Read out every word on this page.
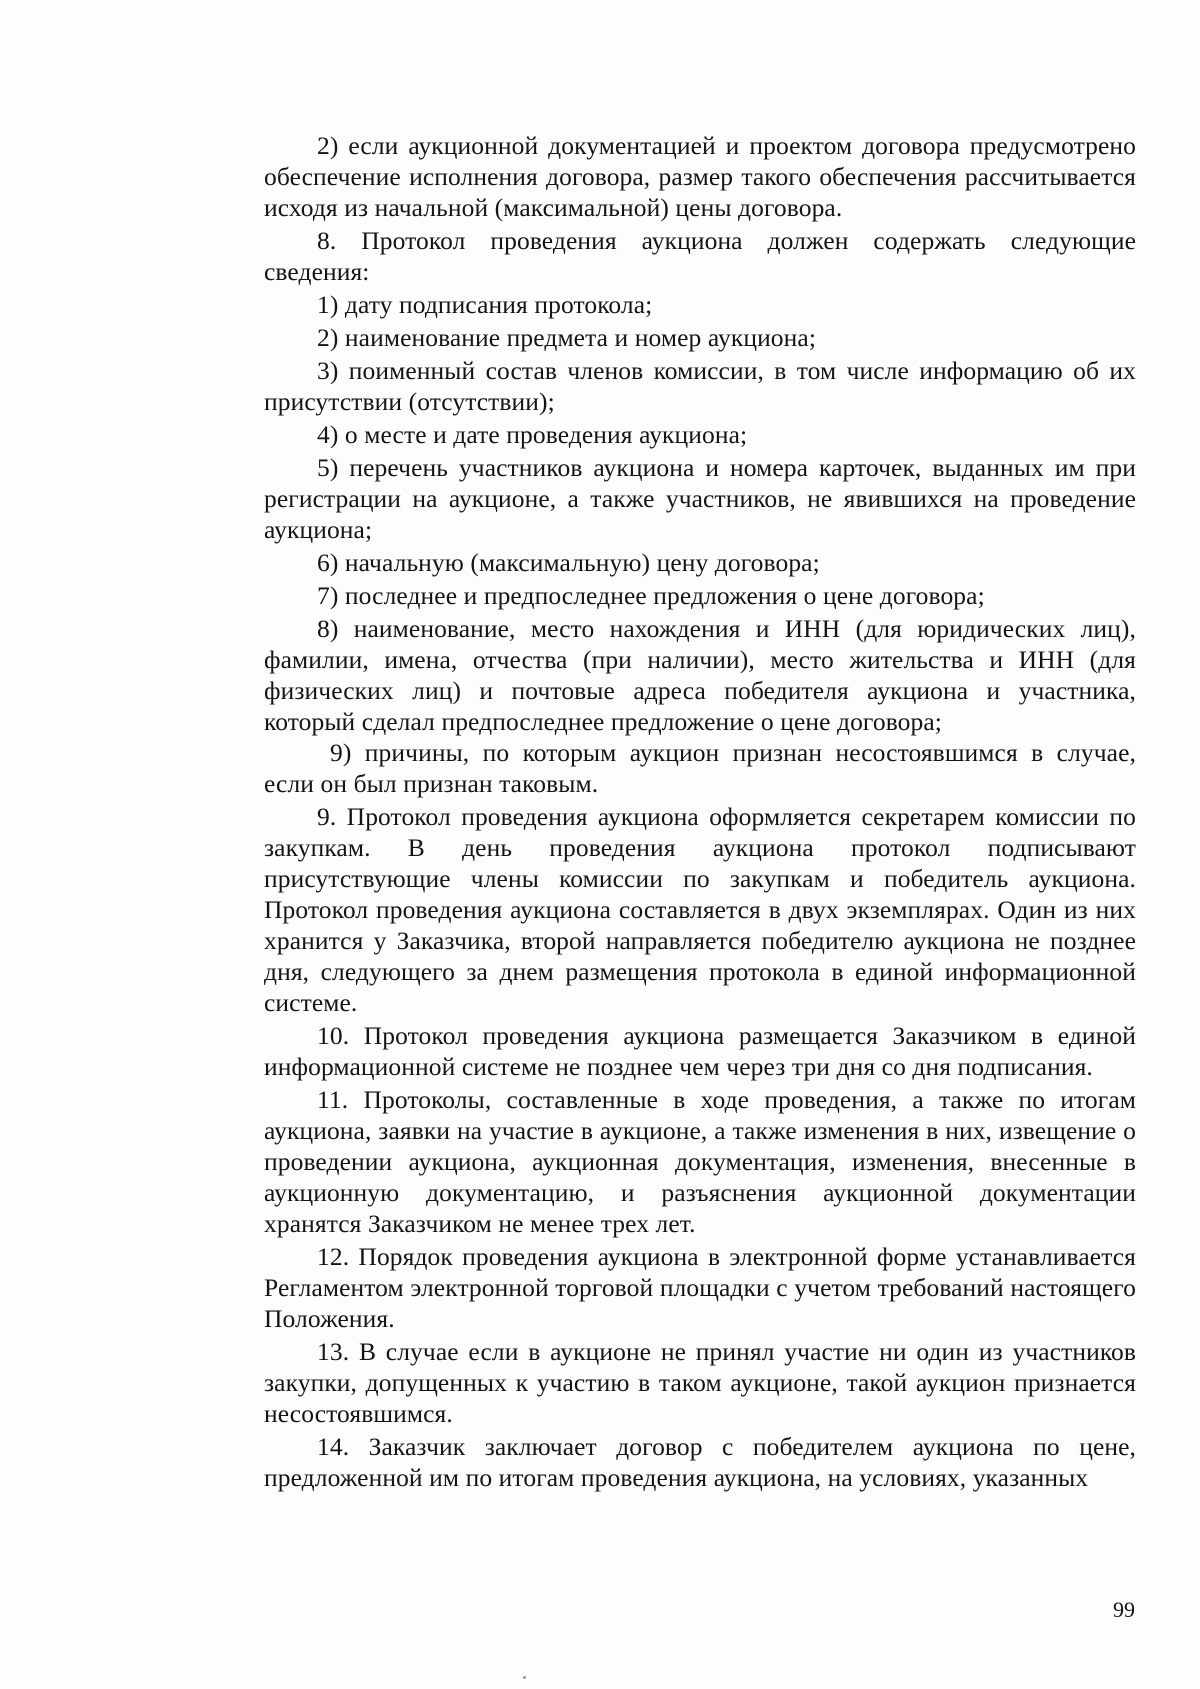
2) если аукционной документацией и проектом договора предусмотрено обеспечение исполнения договора, размер такого обеспечения рассчитывается исходя из начальной (максимальной) цены договора.

8. Протокол проведения аукциона должен содержать следующие сведения:

1) дату подписания протокола;

2) наименование предмета и номер аукциона;

3) поименный состав членов комиссии, в том числе информацию об их присутствии (отсутствии);

4) о месте и дате проведения аукциона;

5) перечень участников аукциона и номера карточек, выданных им при регистрации на аукционе, а также участников, не явившихся на проведение аукциона;

6) начальную (максимальную) цену договора;

7) последнее и предпоследнее предложения о цене договора;

8) наименование, место нахождения и ИНН (для юридических лиц), фамилии, имена, отчества (при наличии), место жительства и ИНН (для физических лиц) и почтовые адреса победителя аукциона и участника, который сделал предпоследнее предложение о цене договора;

9) причины, по которым аукцион признан несостоявшимся в случае, если он был признан таковым.

9. Протокол проведения аукциона оформляется секретарем комиссии по закупкам. В день проведения аукциона протокол подписывают присутствующие члены комиссии по закупкам и победитель аукциона. Протокол проведения аукциона составляется в двух экземплярах. Один из них хранится у Заказчика, второй направляется победителю аукциона не позднее дня, следующего за днем размещения протокола в единой информационной системе.

10. Протокол проведения аукциона размещается Заказчиком в единой информационной системе не позднее чем через три дня со дня подписания.

11. Протоколы, составленные в ходе проведения, а также по итогам аукциона, заявки на участие в аукционе, а также изменения в них, извещение о проведении аукциона, аукционная документация, изменения, внесенные в аукционную документацию, и разъяснения аукционной документации хранятся Заказчиком не менее трех лет.

12. Порядок проведения аукциона в электронной форме устанавливается Регламентом электронной торговой площадки с учетом требований настоящего Положения.

13. В случае если в аукционе не принял участие ни один из участников закупки, допущенных к участию в таком аукционе, такой аукцион признается несостоявшимся.

14. Заказчик заключает договор с победителем аукциона по цене, предложенной им по итогам проведения аукциона, на условиях, указанных

99
